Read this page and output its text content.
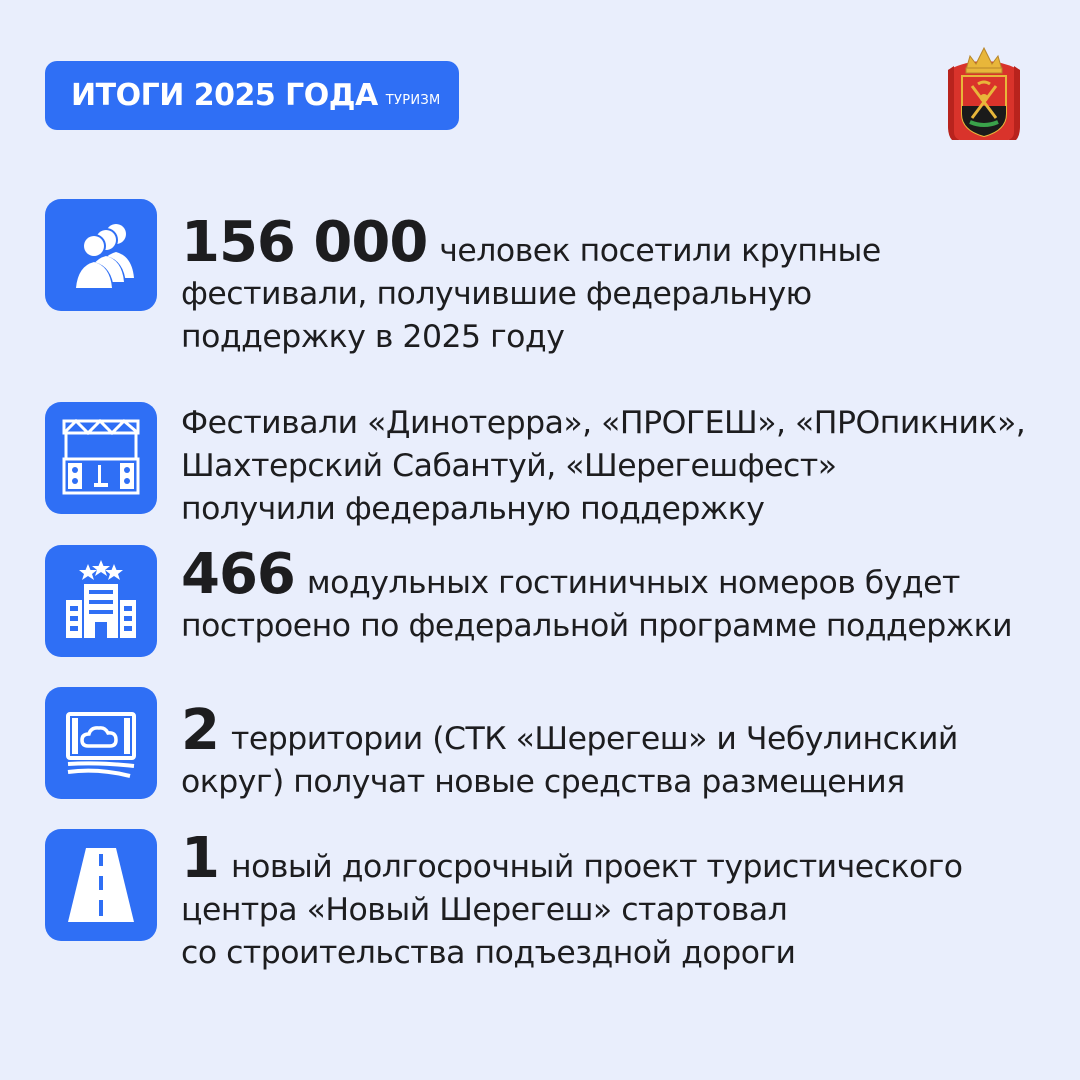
ИТОГИ 2025 ГОДА ТУРИЗМ
156 000 человек посетили крупные
фестивали, получившие федеральную
поддержку в 2025 году
Фестивали «Динотерра», «ПРОГЕШ», «ПРОпикник»,
Шахтерский Сабантуй, «Шерегешфест»
получили федеральную поддержку
466 модульных гостиничных номеров будет
построено по федеральной программе поддержки
2 территории (СТК «Шерегеш» и Чебулинский
округ) получат новые средства размещения
1 новый долгосрочный проект туристического
центра «Новый Шерегеш» стартовал
со строительства подъездной дороги
